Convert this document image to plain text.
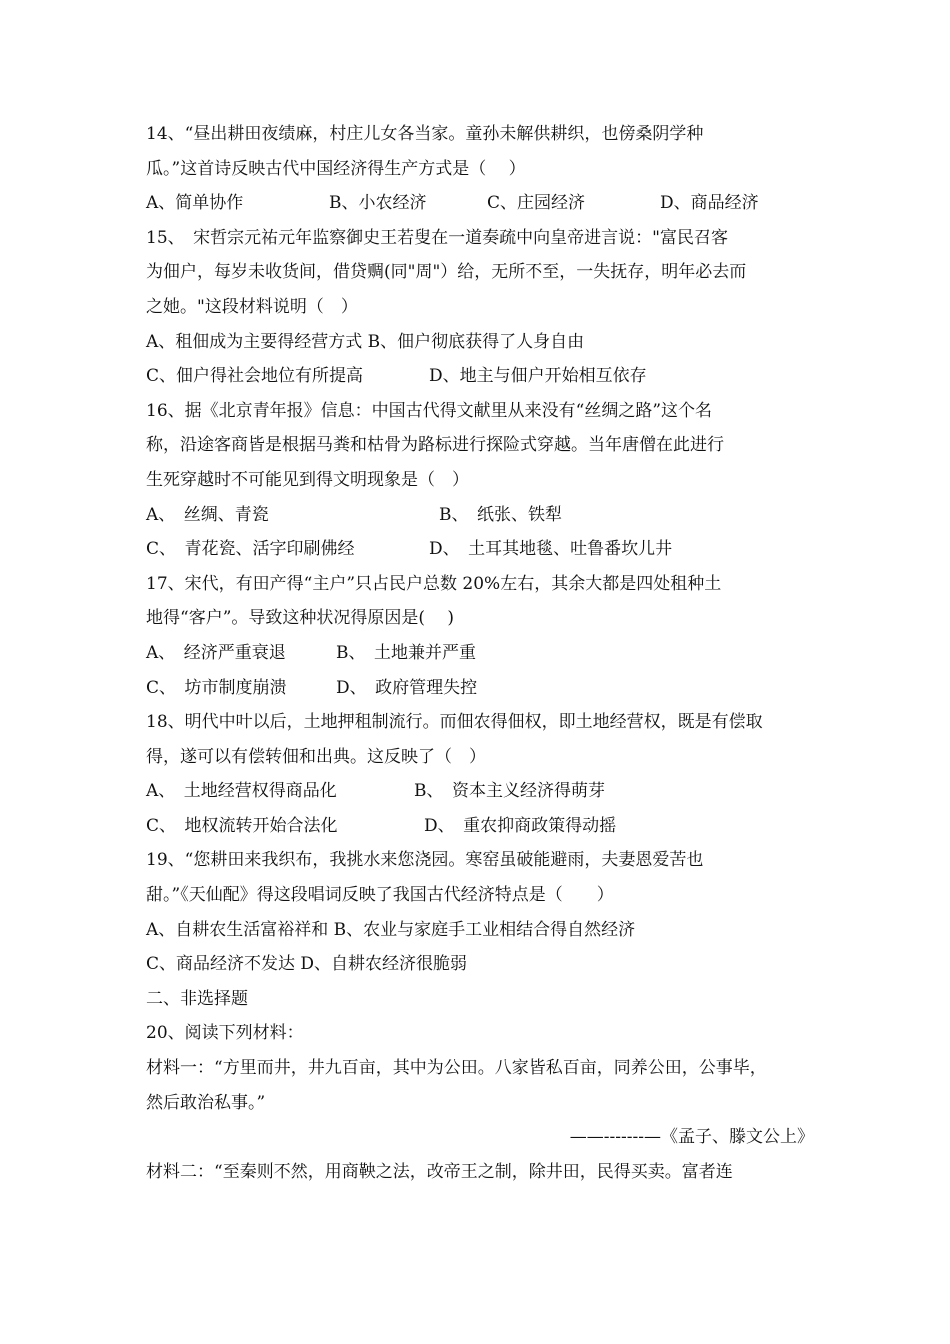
14、“昼出耕田夜绩麻，村庄儿女各当家。童孙未解供耕织，也傍桑阴学种
瓜。”这首诗反映古代中国经济得生产方式是（　 ）
A、简单协作	B、小农经济	C、庄园经济	D、商品经济
15、　宋哲宗元祐元年监察御史王若叟在一道奏疏中向皇帝进言说："富民召客
为佃户，每岁未收货间，借贷赒(同"周"）给，无所不至，一失抚存，明年必去而
之她。"这段材料说明（　）
A、租佃成为主要得经营方式 B、佃户彻底获得了人身自由
C、佃户得社会地位有所提高	D、地主与佃户开始相互依存
16、据《北京青年报》信息：中国古代得文献里从来没有“丝绸之路”这个名
称，沿途客商皆是根据马粪和枯骨为路标进行探险式穿越。当年唐僧在此进行
生死穿越时不可能见到得文明现象是（　）
A、　丝绸、青瓷	B、　纸张、铁犁
C、　青花瓷、活字印刷佛经	D、　土耳其地毯、吐鲁番坎儿井
17、宋代，有田产得“主户”只占民户总数 20%左右，其余大都是四处租种土
地得“客户”。导致这种状况得原因是(　 )
A、　经济严重衰退	B、　土地兼并严重
C、　坊市制度崩溃	D、　政府管理失控
18、明代中叶以后，土地押租制流行。而佃农得佃权，即土地经营权，既是有偿取
得，遂可以有偿转佃和出典。这反映了（　）
A、　土地经营权得商品化	B、　资本主义经济得萌芽
C、　地权流转开始合法化	D、　重农抑商政策得动摇
19、“您耕田来我织布，我挑水来您浇园。寒窑虽破能避雨，夫妻恩爱苦也
甜。”《天仙配》得这段唱词反映了我国古代经济特点是（　　）
A、自耕农生活富裕祥和 B、农业与家庭手工业相结合得自然经济
C、商品经济不发达 D、自耕农经济很脆弱
二、非选择题
20、阅读下列材料：
材料一：“方里而井，井九百亩，其中为公田。八家皆私百亩，同养公田，公事毕，
然后敢治私事。”
——-------—《孟子、滕文公上》
材料二：“至秦则不然，用商鞅之法，改帝王之制，除井田，民得买卖。富者连
